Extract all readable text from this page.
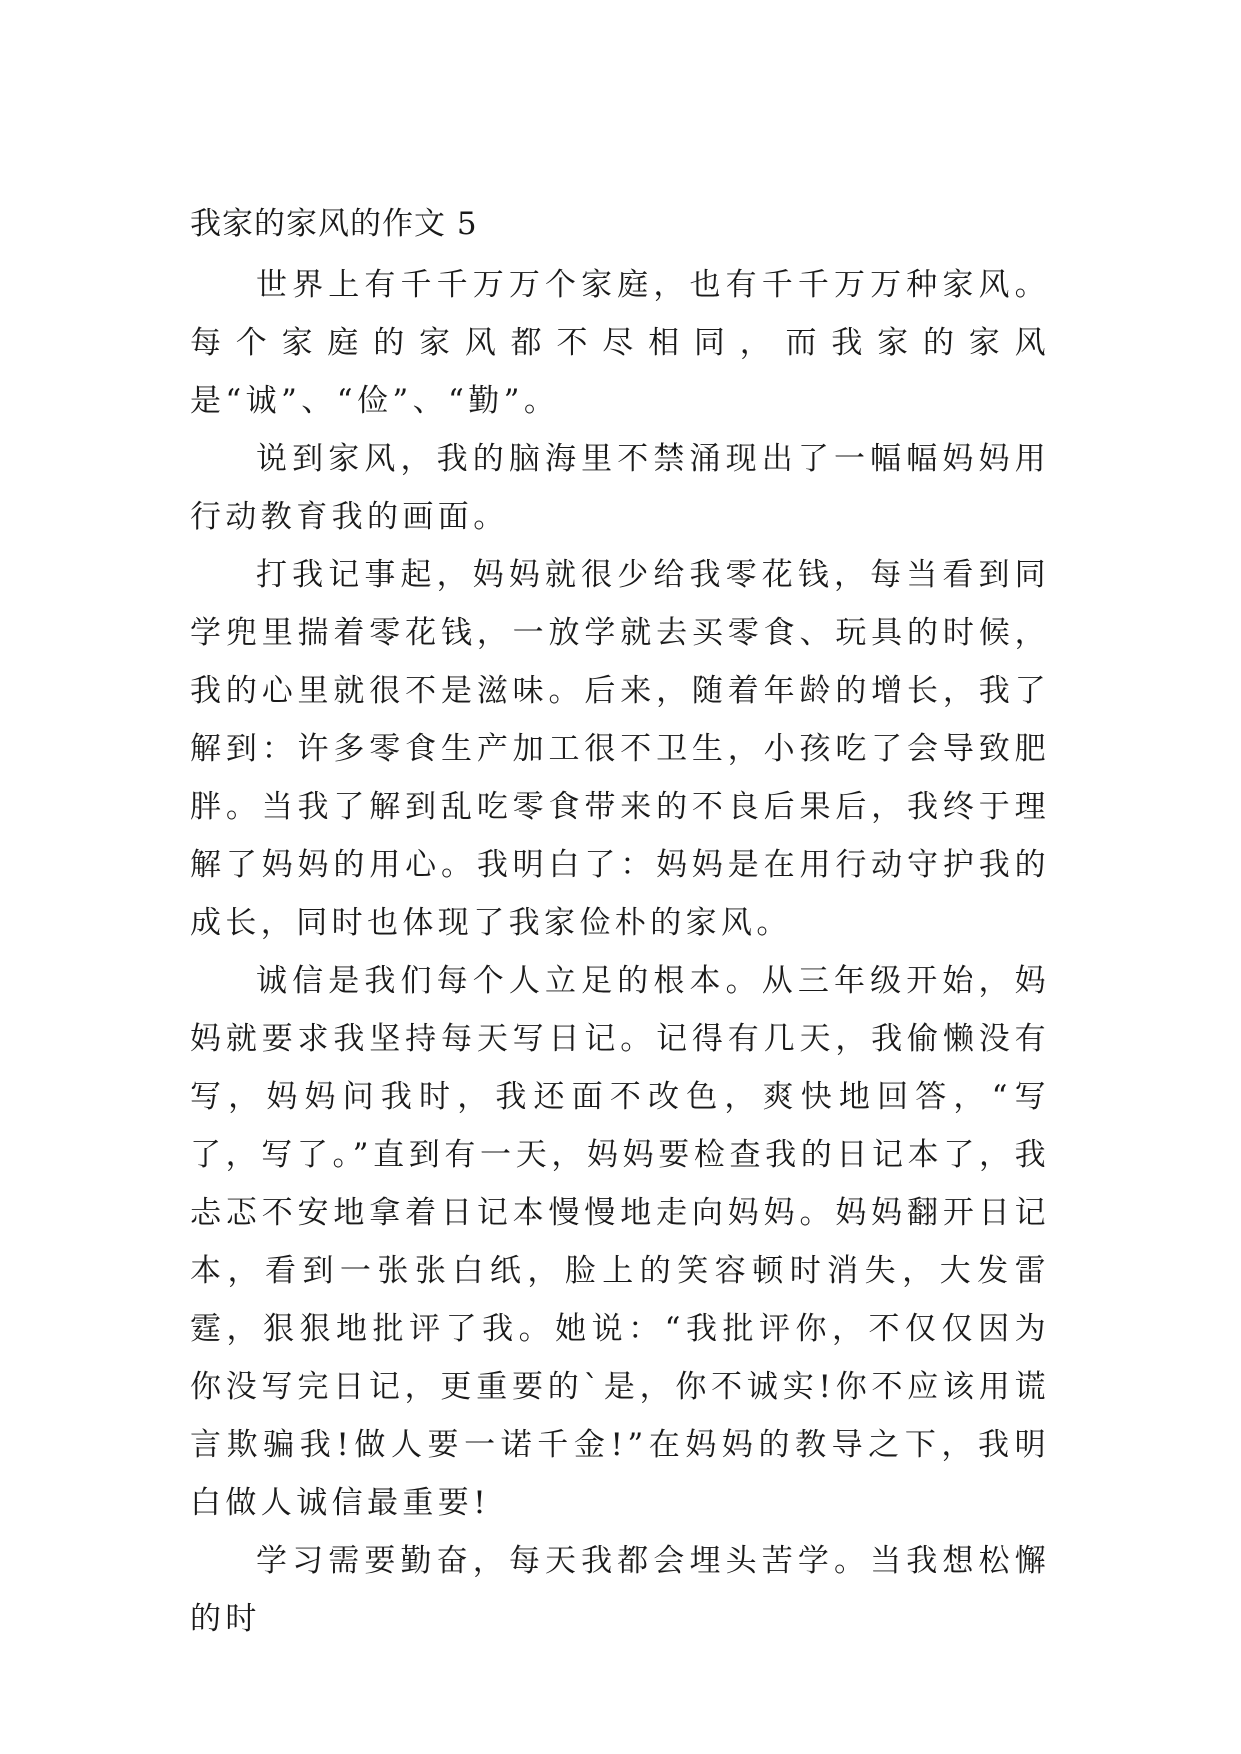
我家的家风的作文 5

世界上有千千万万个家庭，也有千千万万种家风。每个家庭的家风都不尽相同，而我家的家风是“诚”、“俭”、“勤”。

说到家风，我的脑海里不禁涌现出了一幅幅妈妈用行动教育我的画面。

打我记事起，妈妈就很少给我零花钱，每当看到同学兜里揣着零花钱，一放学就去买零食、玩具的时候，我的心里就很不是滋味。后来，随着年龄的增长，我了解到：许多零食生产加工很不卫生，小孩吃了会导致肥胖。当我了解到乱吃零食带来的不良后果后，我终于理解了妈妈的用心。我明白了：妈妈是在用行动守护我的成长，同时也体现了我家俭朴的家风。

诚信是我们每个人立足的根本。从三年级开始，妈妈就要求我坚持每天写日记。记得有几天，我偷懒没有写，妈妈问我时，我还面不改色，爽快地回答，“写了，写了。”直到有一天，妈妈要检查我的日记本了，我忐忑不安地拿着日记本慢慢地走向妈妈。妈妈翻开日记本，看到一张张白纸，脸上的笑容顿时消失，大发雷霆，狠狠地批评了我。她说：“我批评你，不仅仅因为你没写完日记，更重要的`是，你不诚实!你不应该用谎言欺骗我!做人要一诺千金!”在妈妈的教导之下，我明白做人诚信最重要!

学习需要勤奋，每天我都会埋头苦学。当我想松懈的时
